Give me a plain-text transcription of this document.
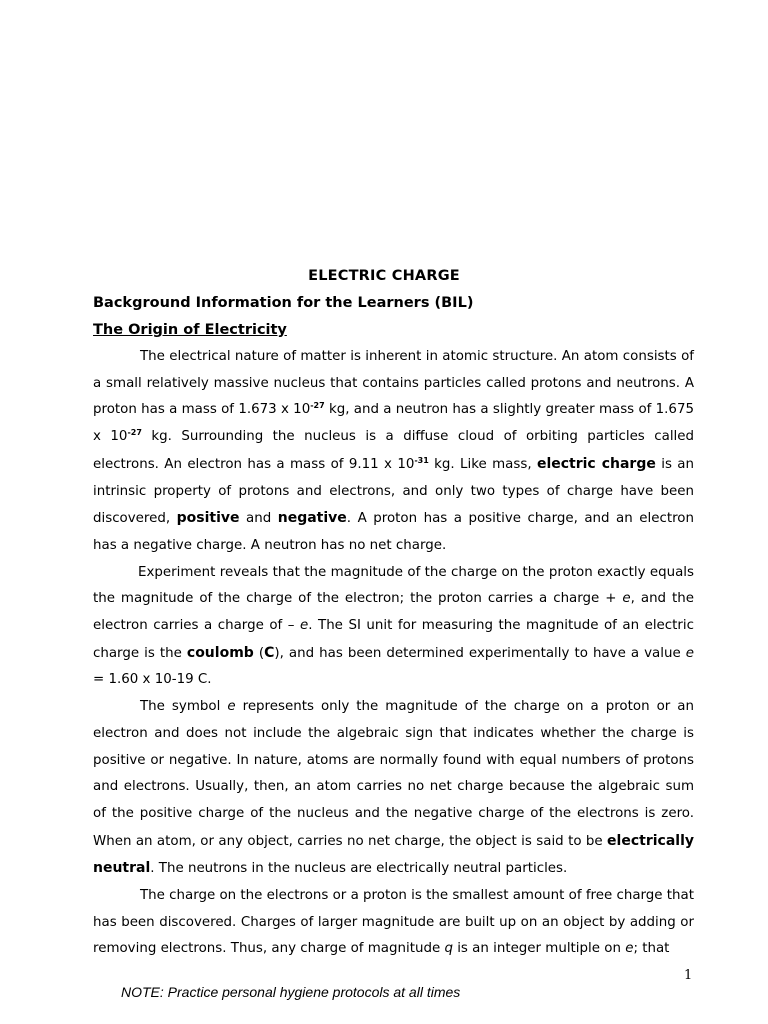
ELECTRIC CHARGE
Background Information for the Learners (BIL)
The Origin of Electricity

The electrical nature of matter is inherent in atomic structure. An atom consists of a small relatively massive nucleus that contains particles called protons and neutrons. A proton has a mass of 1.673 x $10^{-27}$ kg, and a neutron has a slightly greater mass of 1.675 x $10^{-27}$ kg. Surrounding the nucleus is a diffuse cloud of orbiting particles called electrons. An electron has a mass of 9.11 x $10^{-31}$ kg. Like mass, electric charge is an intrinsic property of protons and electrons, and only two types of charge have been discovered, positive and negative. A proton has a positive charge, and an electron has a negative charge. A neutron has no net charge.

Experiment reveals that the magnitude of the charge on the proton exactly equals the magnitude of the charge of the electron; the proton carries a charge + e, and the electron carries a charge of – e. The SI unit for measuring the magnitude of an electric charge is the coulomb (C), and has been determined experimentally to have a value e = 1.60 x 10-19 C.

The symbol e represents only the magnitude of the charge on a proton or an electron and does not include the algebraic sign that indicates whether the charge is positive or negative. In nature, atoms are normally found with equal numbers of protons and electrons. Usually, then, an atom carries no net charge because the algebraic sum of the positive charge of the nucleus and the negative charge of the electrons is zero. When an atom, or any object, carries no net charge, the object is said to be electrically neutral. The neutrons in the nucleus are electrically neutral particles.

The charge on the electrons or a proton is the smallest amount of free charge that has been discovered. Charges of larger magnitude are built up on an object by adding or removing electrons. Thus, any charge of magnitude q is an integer multiple on e; that

1
NOTE: Practice personal hygiene protocols at all times
